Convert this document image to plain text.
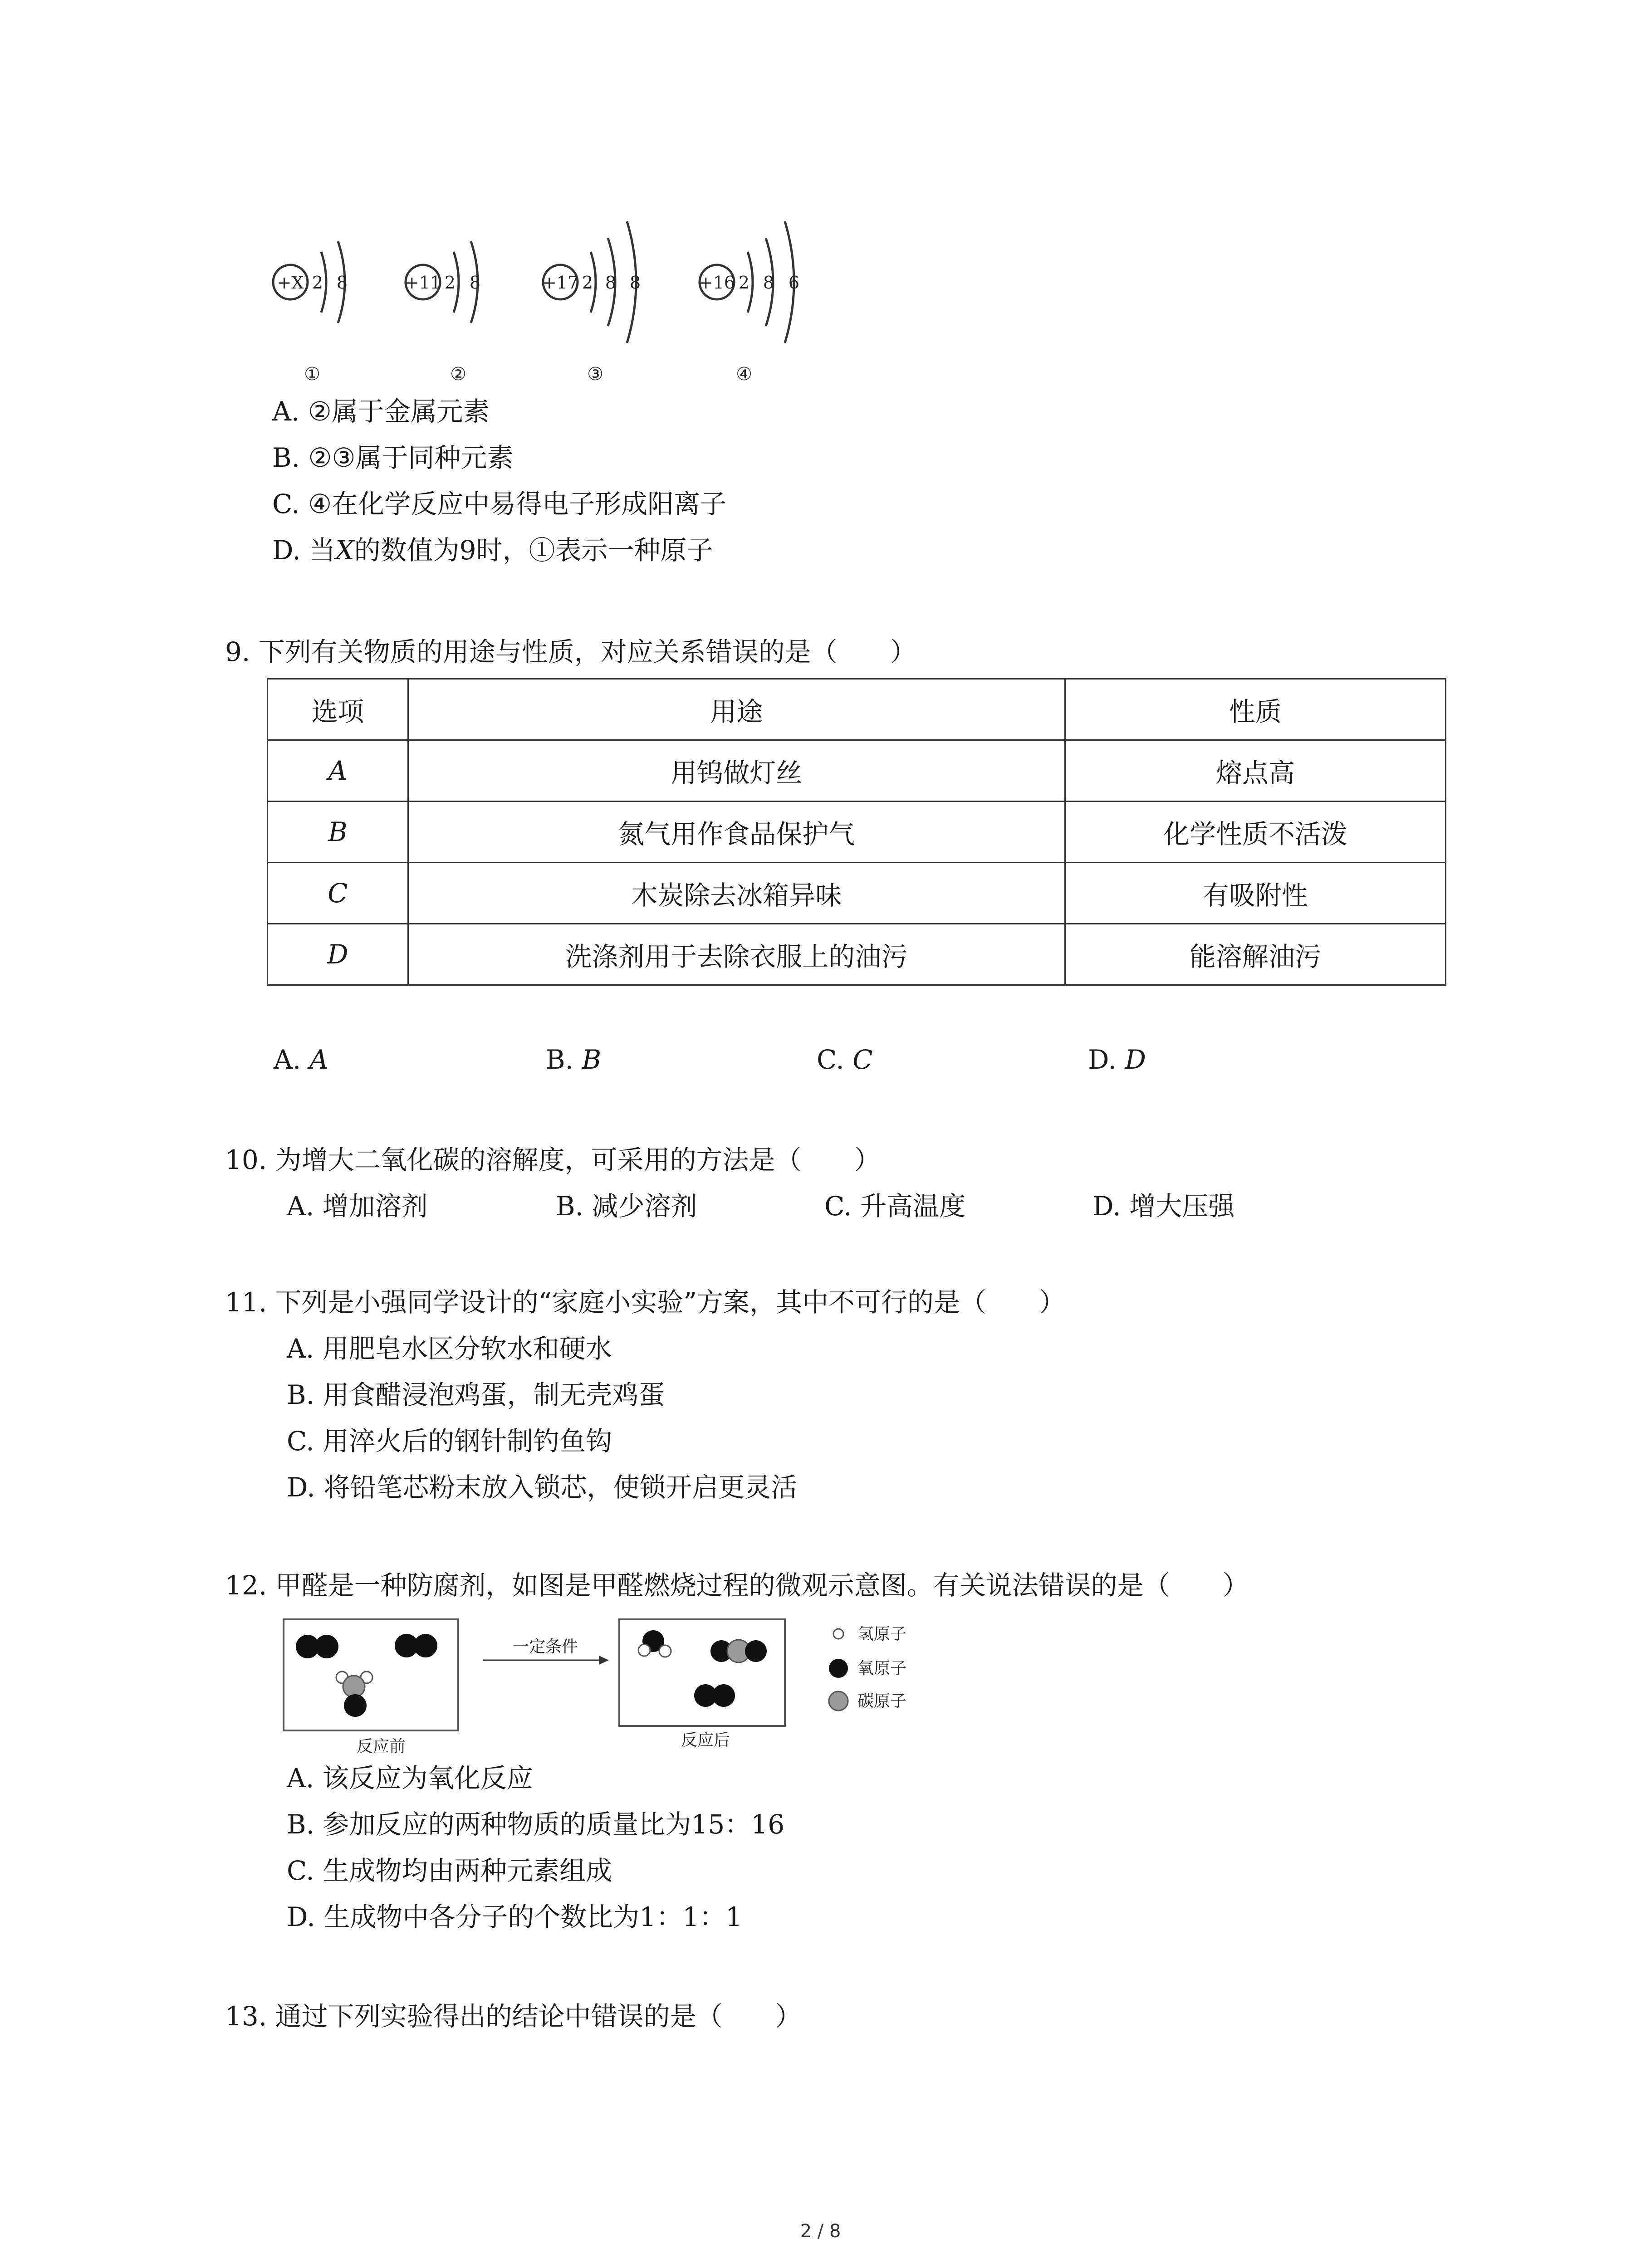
+X 2 8	+11 2 8	+17 2 8 8	+16 2 8 6
①	②	③	④
A. ②属于金属元素
B. ②③属于同种元素
C. ④在化学反应中易得电子形成阳离子
D. 当X的数值为9时，①表示一种原子
9. 下列有关物质的用途与性质，对应关系错误的是（　　）
选项	用途	性质
A	用钨做灯丝	熔点高
B	氮气用作食品保护气	化学性质不活泼
C	木炭除去冰箱异味	有吸附性
D	洗涤剂用于去除衣服上的油污	能溶解油污
A. A	B. B	C. C	D. D
10. 为增大二氧化碳的溶解度，可采用的方法是（　　）
A. 增加溶剂	B. 减少溶剂	C. 升高温度	D. 增大压强
11. 下列是小强同学设计的“家庭小实验”方案，其中不可行的是（　　）
A. 用肥皂水区分软水和硬水
B. 用食醋浸泡鸡蛋，制无壳鸡蛋
C. 用淬火后的钢针制钓鱼钩
D. 将铅笔芯粉末放入锁芯，使锁开启更灵活
12. 甲醛是一种防腐剂，如图是甲醛燃烧过程的微观示意图。有关说法错误的是（　　）
反应前
一定条件
反应后
氢原子
氧原子
碳原子
A. 该反应为氧化反应
B. 参加反应的两种物质的质量比为15：16
C. 生成物均由两种元素组成
D. 生成物中各分子的个数比为1：1：1
13. 通过下列实验得出的结论中错误的是（　　）
2 / 8
